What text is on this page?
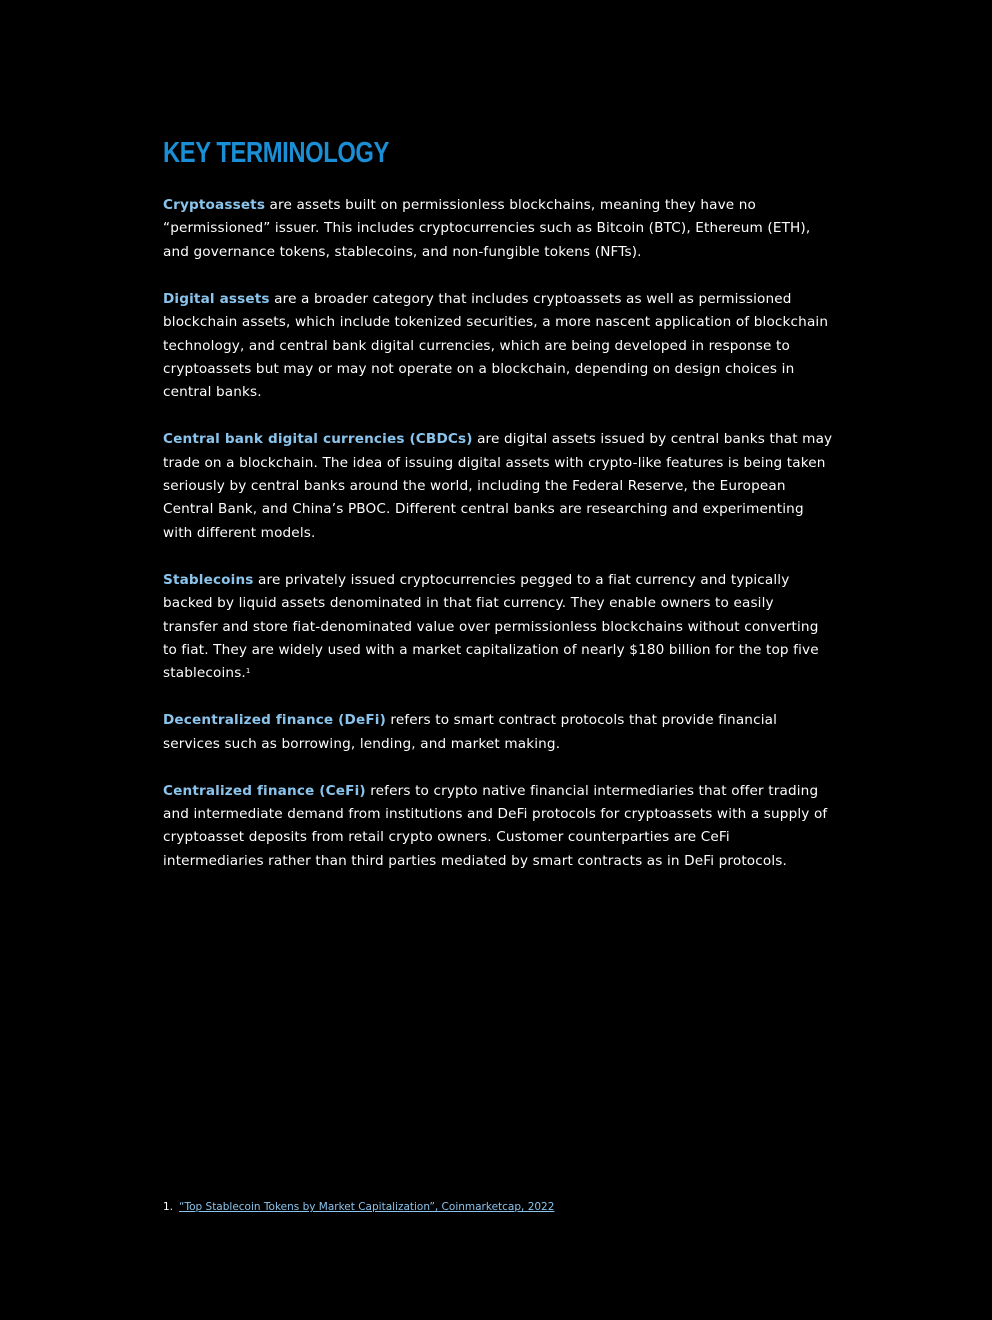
KEY TERMINOLOGY

Cryptoassets are assets built on permissionless blockchains, meaning they have no “permissioned” issuer. This includes cryptocurrencies such as Bitcoin (BTC), Ethereum (ETH), and governance tokens, stablecoins, and non-fungible tokens (NFTs).

Digital assets are a broader category that includes cryptoassets as well as permissioned blockchain assets, which include tokenized securities, a more nascent application of blockchain technology, and central bank digital currencies, which are being developed in response to cryptoassets but may or may not operate on a blockchain, depending on design choices in central banks.

Central bank digital currencies (CBDCs) are digital assets issued by central banks that may trade on a blockchain. The idea of issuing digital assets with crypto-like features is being taken seriously by central banks around the world, including the Federal Reserve, the European Central Bank, and China’s PBOC. Different central banks are researching and experimenting with different models.

Stablecoins are privately issued cryptocurrencies pegged to a fiat currency and typically backed by liquid assets denominated in that fiat currency. They enable owners to easily transfer and store fiat-denominated value over permissionless blockchains without converting to fiat. They are widely used with a market capitalization of nearly $180 billion for the top five stablecoins.$^1$

Decentralized finance (DeFi) refers to smart contract protocols that provide financial services such as borrowing, lending, and market making.

Centralized finance (CeFi) refers to crypto native financial intermediaries that offer trading and intermediate demand from institutions and DeFi protocols for cryptoassets with a supply of cryptoasset deposits from retail crypto owners. Customer counterparties are CeFi intermediaries rather than third parties mediated by smart contracts as in DeFi protocols.

1. “Top Stablecoin Tokens by Market Capitalization”, Coinmarketcap, 2022
